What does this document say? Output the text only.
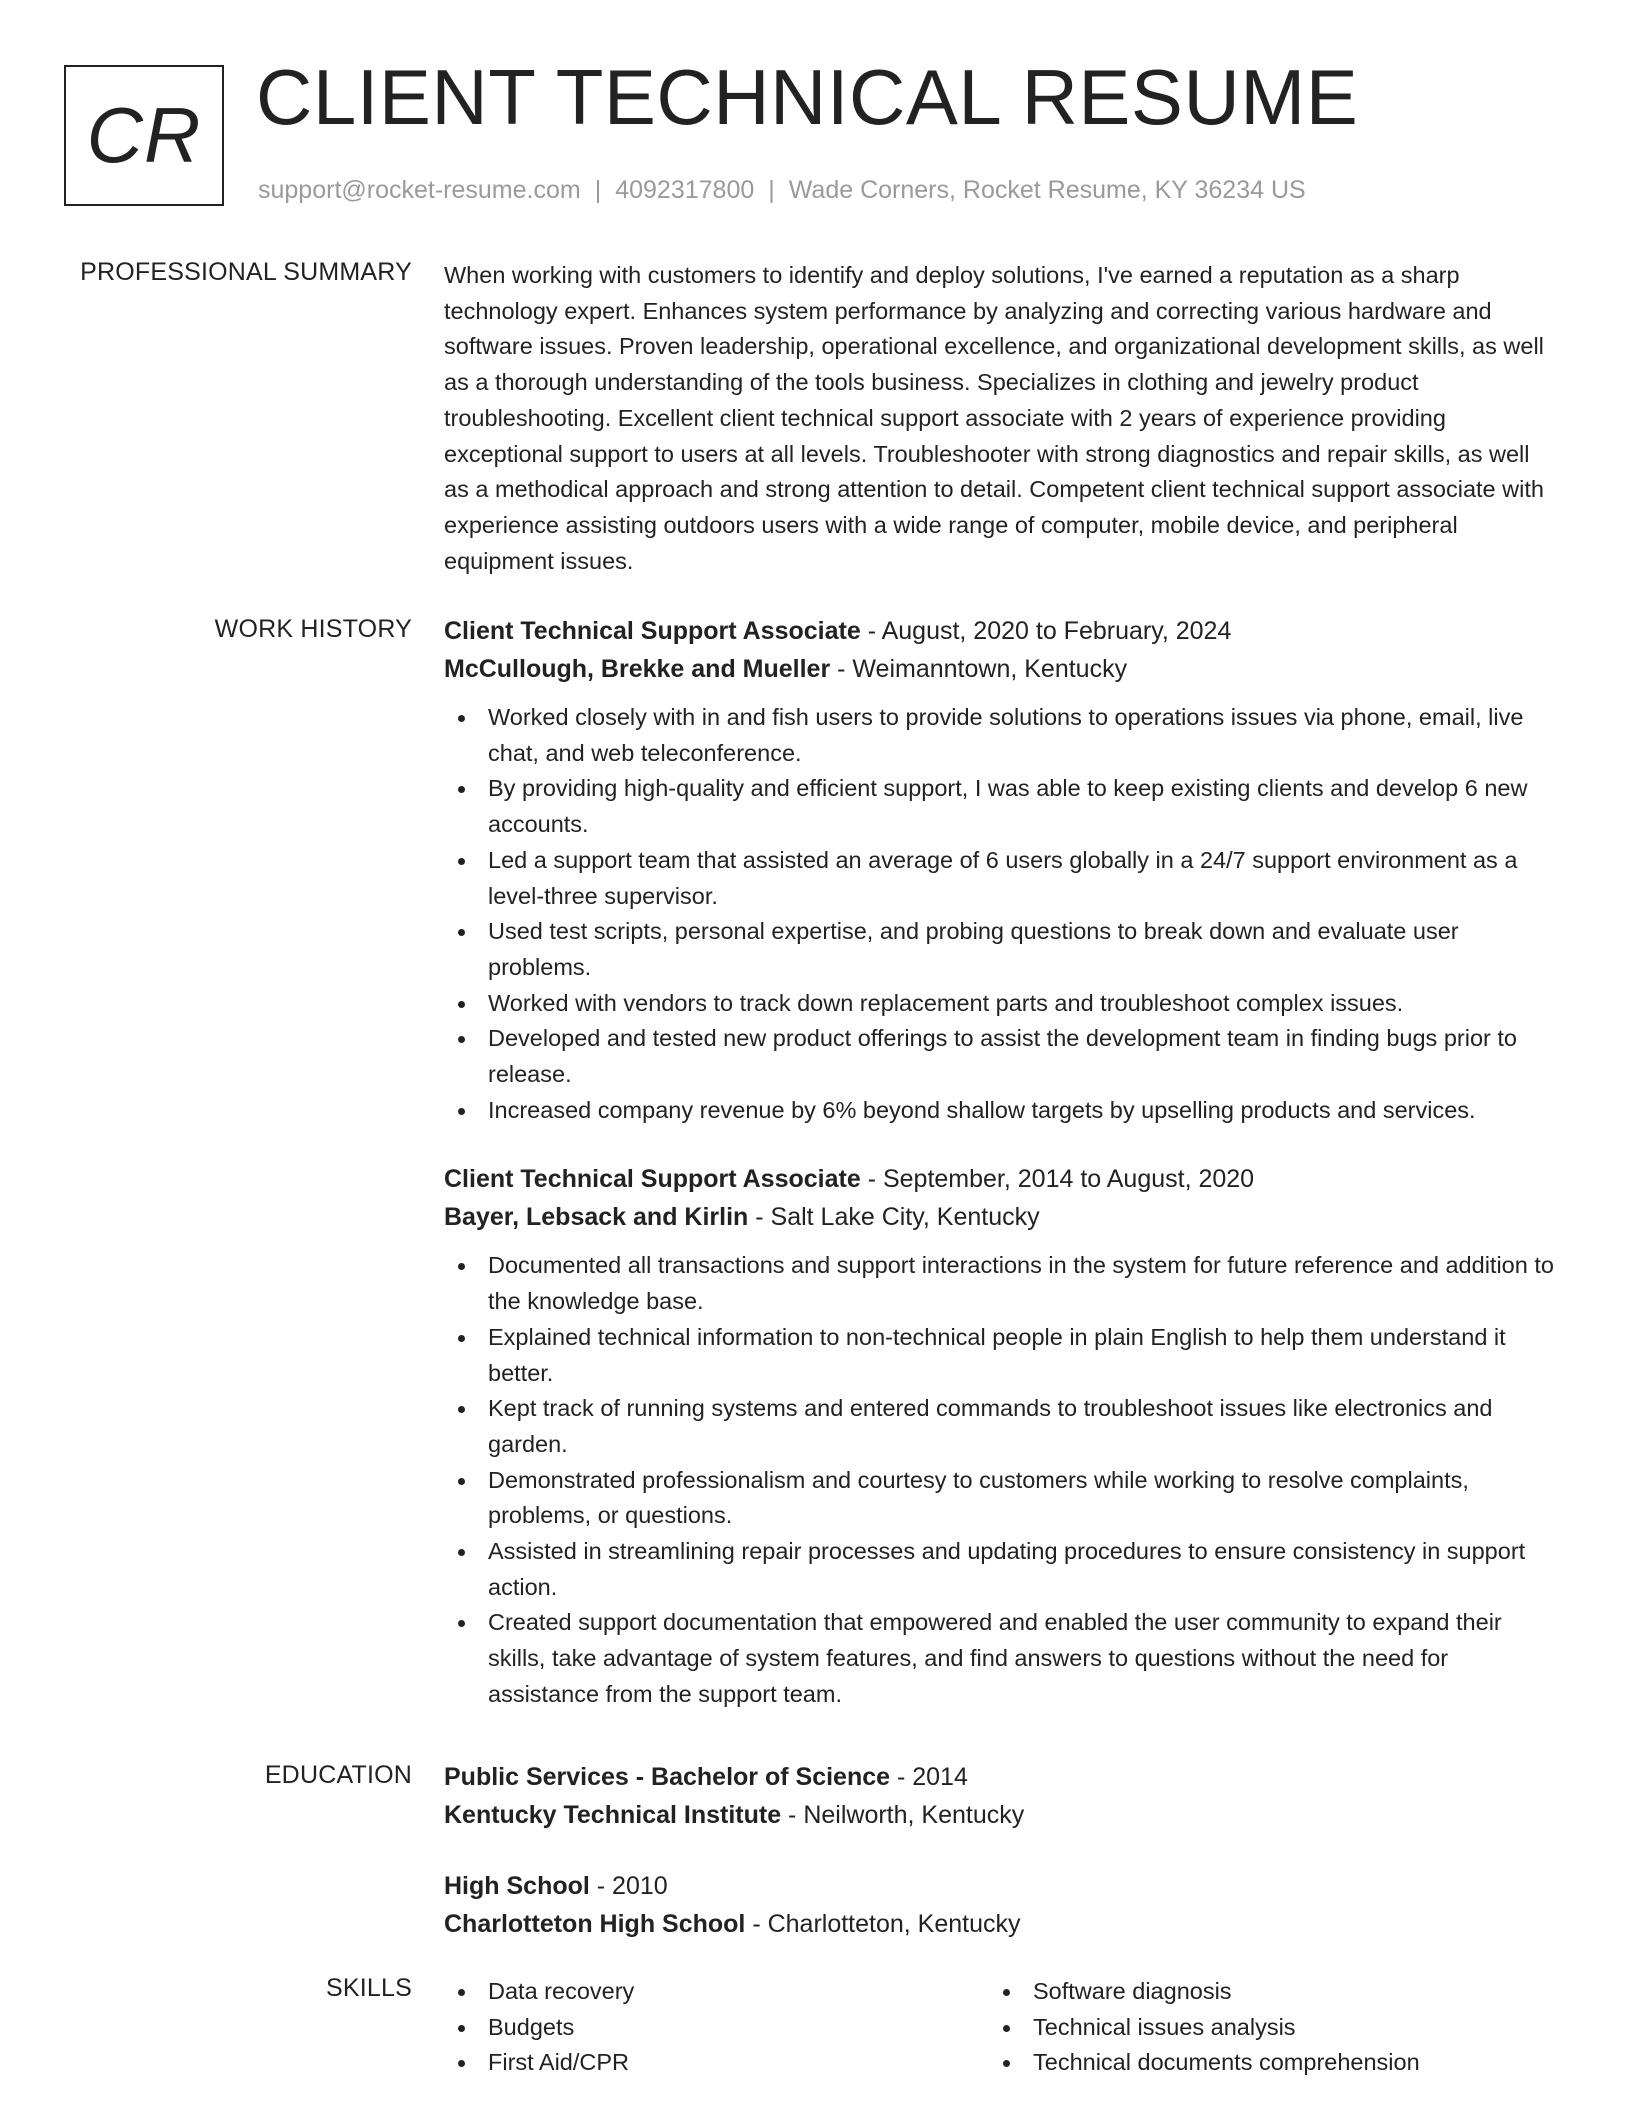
CR CLIENT TECHNICAL RESUME
support@rocket-resume.com | 4092317800 | Wade Corners, Rocket Resume, KY 36234 US
PROFESSIONAL SUMMARY When working with customers to identify and deploy solutions, I've earned a reputation as a sharp technology expert. Enhances system performance by analyzing and correcting various hardware and software issues. Proven leadership, operational excellence, and organizational development skills, as well as a thorough understanding of the tools business. Specializes in clothing and jewelry product troubleshooting. Excellent client technical support associate with 2 years of experience providing exceptional support to users at all levels. Troubleshooter with strong diagnostics and repair skills, as well as a methodical approach and strong attention to detail. Competent client technical support associate with experience assisting outdoors users with a wide range of computer, mobile device, and peripheral equipment issues.

WORK HISTORY Client Technical Support Associate - August, 2020 to February, 2024
McCullough, Brekke and Mueller - Weimanntown, Kentucky
Worked closely with in and fish users to provide solutions to operations issues via phone, email, live chat, and web teleconference.
By providing high-quality and efficient support, I was able to keep existing clients and develop 6 new accounts.
Led a support team that assisted an average of 6 users globally in a 24/7 support environment as a level-three supervisor.
Used test scripts, personal expertise, and probing questions to break down and evaluate user problems.
Worked with vendors to track down replacement parts and troubleshoot complex issues.
Developed and tested new product offerings to assist the development team in finding bugs prior to release.
Increased company revenue by 6% beyond shallow targets by upselling products and services.
Client Technical Support Associate - September, 2014 to August, 2020
Bayer, Lebsack and Kirlin - Salt Lake City, Kentucky
Documented all transactions and support interactions in the system for future reference and addition to the knowledge base.
Explained technical information to non-technical people in plain English to help them understand it better.
Kept track of running systems and entered commands to troubleshoot issues like electronics and garden.
Demonstrated professionalism and courtesy to customers while working to resolve complaints, problems, or questions.
Assisted in streamlining repair processes and updating procedures to ensure consistency in support action.
Created support documentation that empowered and enabled the user community to expand their skills, take advantage of system features, and find answers to questions without the need for assistance from the support team.
EDUCATION Public Services - Bachelor of Science - 2014
Kentucky Technical Institute - Neilworth, Kentucky
High School - 2010
Charlotteton High School - Charlotteton, Kentucky
SKILLS	Data recovery
Budgets
First Aid/CPR
Software diagnosis
Technical issues analysis
Technical documents comprehension
